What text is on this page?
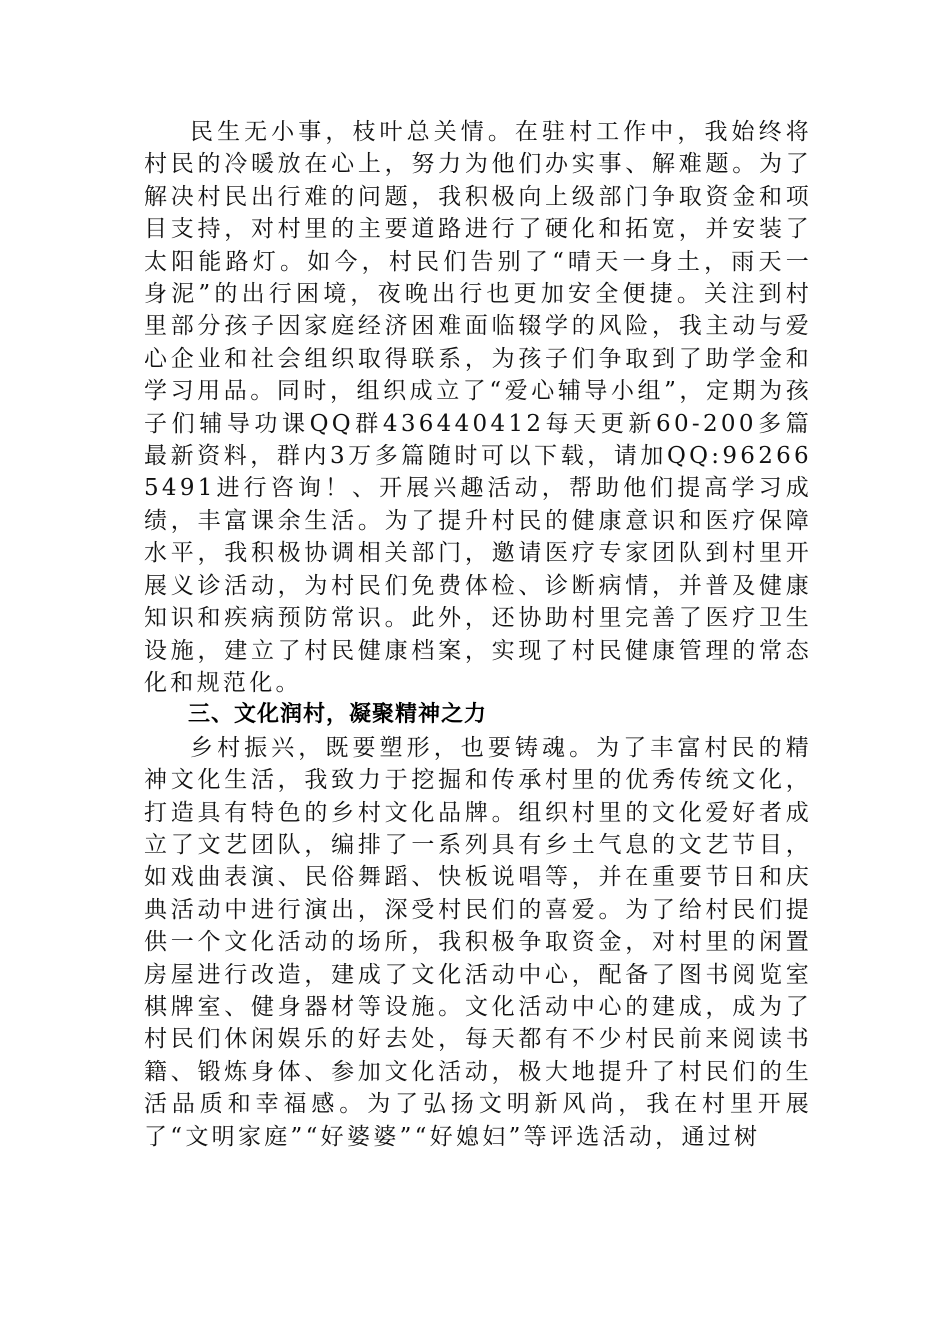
民生无小事，枝叶总关情。在驻村工作中，我始终将村民的冷暖放在心上，努力为他们办实事、解难题。为了解决村民出行难的问题，我积极向上级部门争取资金和项目支持，对村里的主要道路进行了硬化和拓宽，并安装了太阳能路灯。如今，村民们告别了“晴天一身土，雨天一身泥”的出行困境，夜晚出行也更加安全便捷。关注到村里部分孩子因家庭经济困难面临辍学的风险，我主动与爱心企业和社会组织取得联系，为孩子们争取到了助学金和学习用品。同时，组织成立了“爱心辅导小组”，定期为孩子们辅导功课QQ群436440412每天更新60-200多篇最新资料，群内3万多篇随时可以下载，请加QQ:962665491进行咨询！、开展兴趣活动，帮助他们提高学习成绩，丰富课余生活。为了提升村民的健康意识和医疗保障水平，我积极协调相关部门，邀请医疗专家团队到村里开展义诊活动，为村民们免费体检、诊断病情，并普及健康知识和疾病预防常识。此外，还协助村里完善了医疗卫生设施，建立了村民健康档案，实现了村民健康管理的常态化和规范化。

三、文化润村，凝聚精神之力

乡村振兴，既要塑形，也要铸魂。为了丰富村民的精神文化生活，我致力于挖掘和传承村里的优秀传统文化，打造具有特色的乡村文化品牌。组织村里的文化爱好者成立了文艺团队，编排了一系列具有乡土气息的文艺节目，如戏曲表演、民俗舞蹈、快板说唱等，并在重要节日和庆典活动中进行演出，深受村民们的喜爱。为了给村民们提供一个文化活动的场所，我积极争取资金，对村里的闲置房屋进行改造，建成了文化活动中心，配备了图书阅览室棋牌室、健身器材等设施。文化活动中心的建成，成为了村民们休闲娱乐的好去处，每天都有不少村民前来阅读书籍、锻炼身体、参加文化活动，极大地提升了村民们的生活品质和幸福感。为了弘扬文明新风尚，我在村里开展了“文明家庭”“好婆婆”“好媳妇”等评选活动，通过树
